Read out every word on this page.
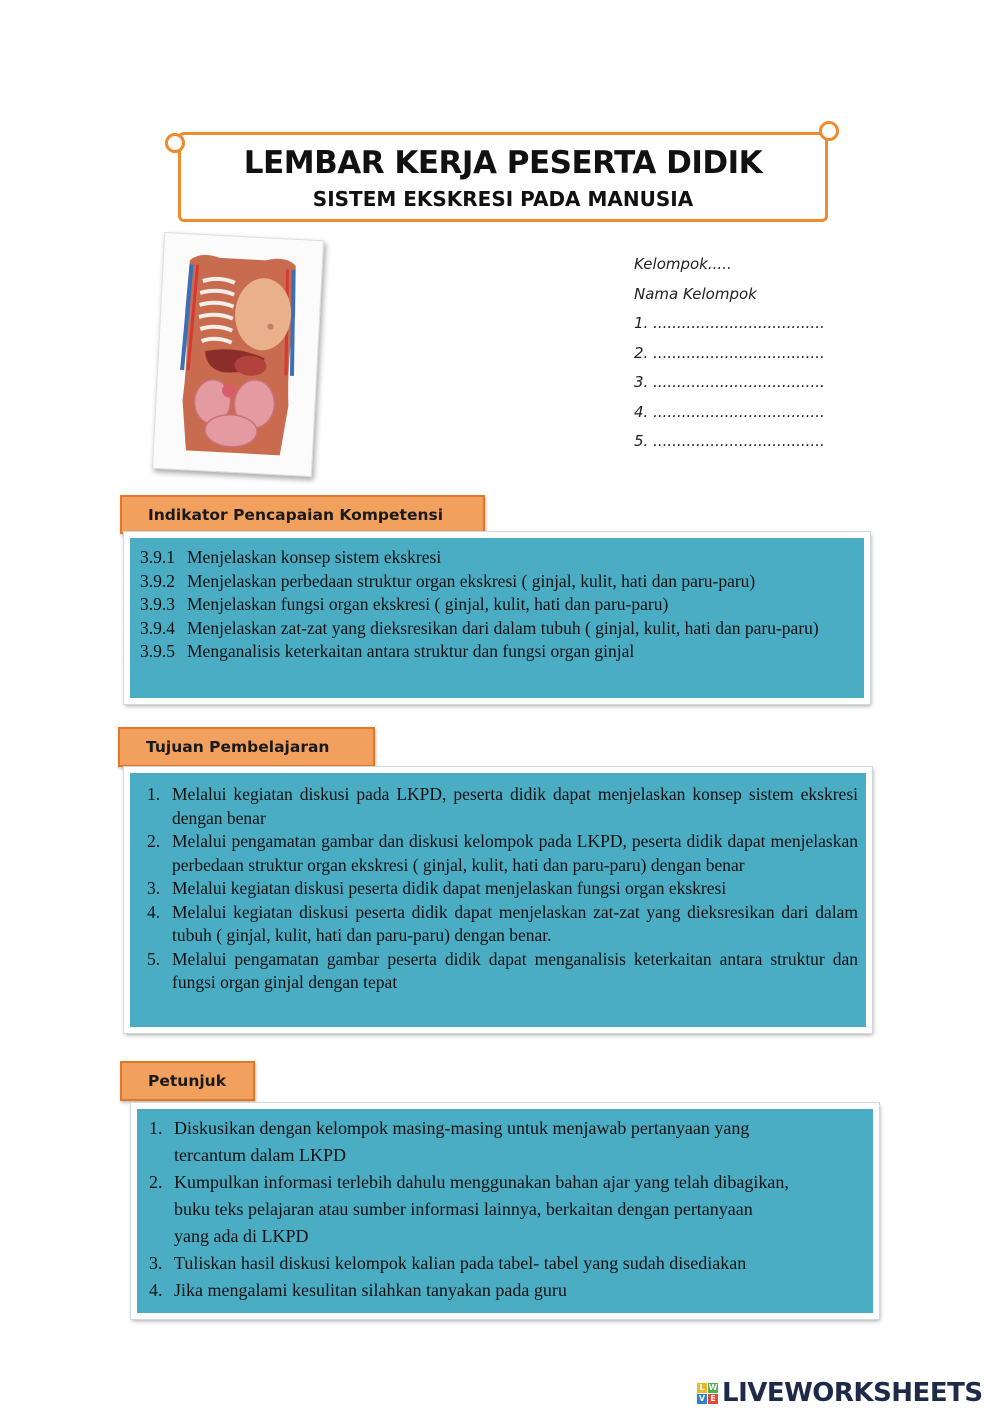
LEMBAR KERJA PESERTA DIDIK
SISTEM EKSKRESI PADA MANUSIA
Kelompok.....
Nama Kelompok
1. ....................................
2. ....................................
3. ....................................
4. ....................................
5. ....................................
Indikator Pencapaian Kompetensi
3.9.1 Menjelaskan konsep sistem ekskresi
3.9.2 Menjelaskan perbedaan struktur organ ekskresi ( ginjal, kulit, hati dan paru-paru)
3.9.3 Menjelaskan fungsi organ ekskresi ( ginjal, kulit, hati dan paru-paru)
3.9.4 Menjelaskan zat-zat yang dieksresikan dari dalam tubuh ( ginjal, kulit, hati dan paru-paru)
3.9.5 Menganalisis keterkaitan antara struktur dan fungsi organ ginjal
Tujuan Pembelajaran
1. Melalui kegiatan diskusi pada LKPD, peserta didik dapat menjelaskan konsep sistem ekskresi dengan benar
2. Melalui pengamatan gambar dan diskusi kelompok pada LKPD, peserta didik dapat menjelaskan perbedaan struktur organ ekskresi ( ginjal, kulit, hati dan paru-paru) dengan benar
3. Melalui kegiatan diskusi peserta didik dapat menjelaskan fungsi organ ekskresi
4. Melalui kegiatan diskusi peserta didik dapat menjelaskan zat-zat yang dieksresikan dari dalam tubuh ( ginjal, kulit, hati dan paru-paru) dengan benar.
5. Melalui pengamatan gambar peserta didik dapat menganalisis keterkaitan antara struktur dan fungsi organ ginjal dengan tepat
Petunjuk
1. Diskusikan dengan kelompok masing-masing untuk menjawab pertanyaan yang
tercantum dalam LKPD
2. Kumpulkan informasi terlebih dahulu menggunakan bahan ajar yang telah dibagikan,
buku teks pelajaran atau sumber informasi lainnya, berkaitan dengan pertanyaan
yang ada di LKPD
3. Tuliskan hasil diskusi kelompok kalian pada tabel- tabel yang sudah disediakan
4. Jika mengalami kesulitan silahkan tanyakan pada guru
L W
V E LIVEWORKSHEETS
